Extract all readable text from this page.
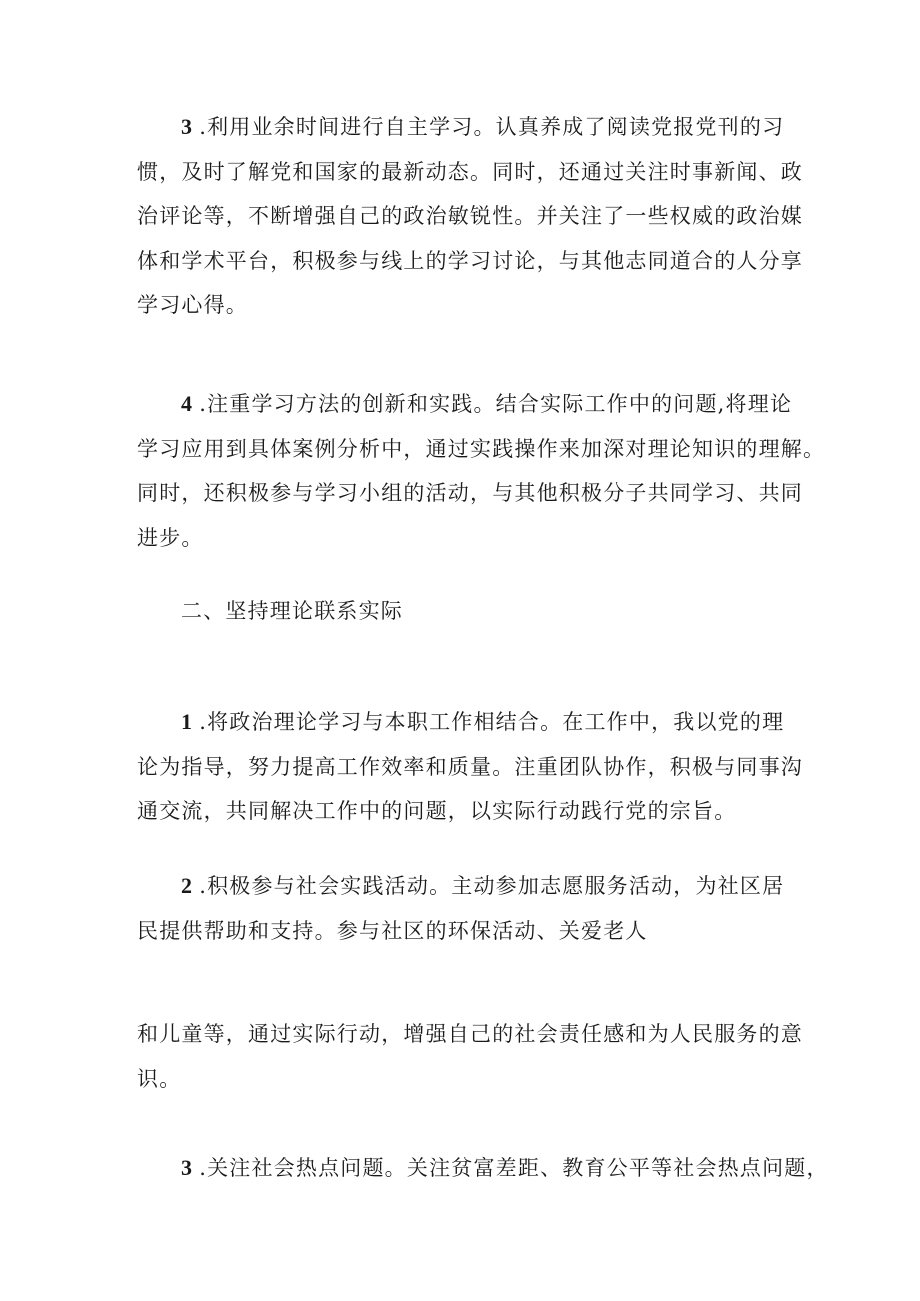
3 .利用业余时间进行自主学习。认真养成了阅读党报党刊的习
惯，及时了解党和国家的最新动态。同时，还通过关注时事新闻、政
治评论等，不断增强自己的政治敏锐性。并关注了一些权威的政治媒
体和学术平台，积极参与线上的学习讨论，与其他志同道合的人分享
学习心得。
4 .注重学习方法的创新和实践。结合实际工作中的问题,将理论
学习应用到具体案例分析中，通过实践操作来加深对理论知识的理解。
同时，还积极参与学习小组的活动，与其他积极分子共同学习、共同
进步。

二、坚持理论联系实际

1 .将政治理论学习与本职工作相结合。在工作中，我以党的理
论为指导，努力提高工作效率和质量。注重团队协作，积极与同事沟
通交流，共同解决工作中的问题，以实际行动践行党的宗旨。
2 .积极参与社会实践活动。主动参加志愿服务活动，为社区居
民提供帮助和支持。参与社区的环保活动、关爱老人
和儿童等，通过实际行动，增强自己的社会责任感和为人民服务的意
识。
3 .关注社会热点问题。关注贫富差距、教育公平等社会热点问题，
